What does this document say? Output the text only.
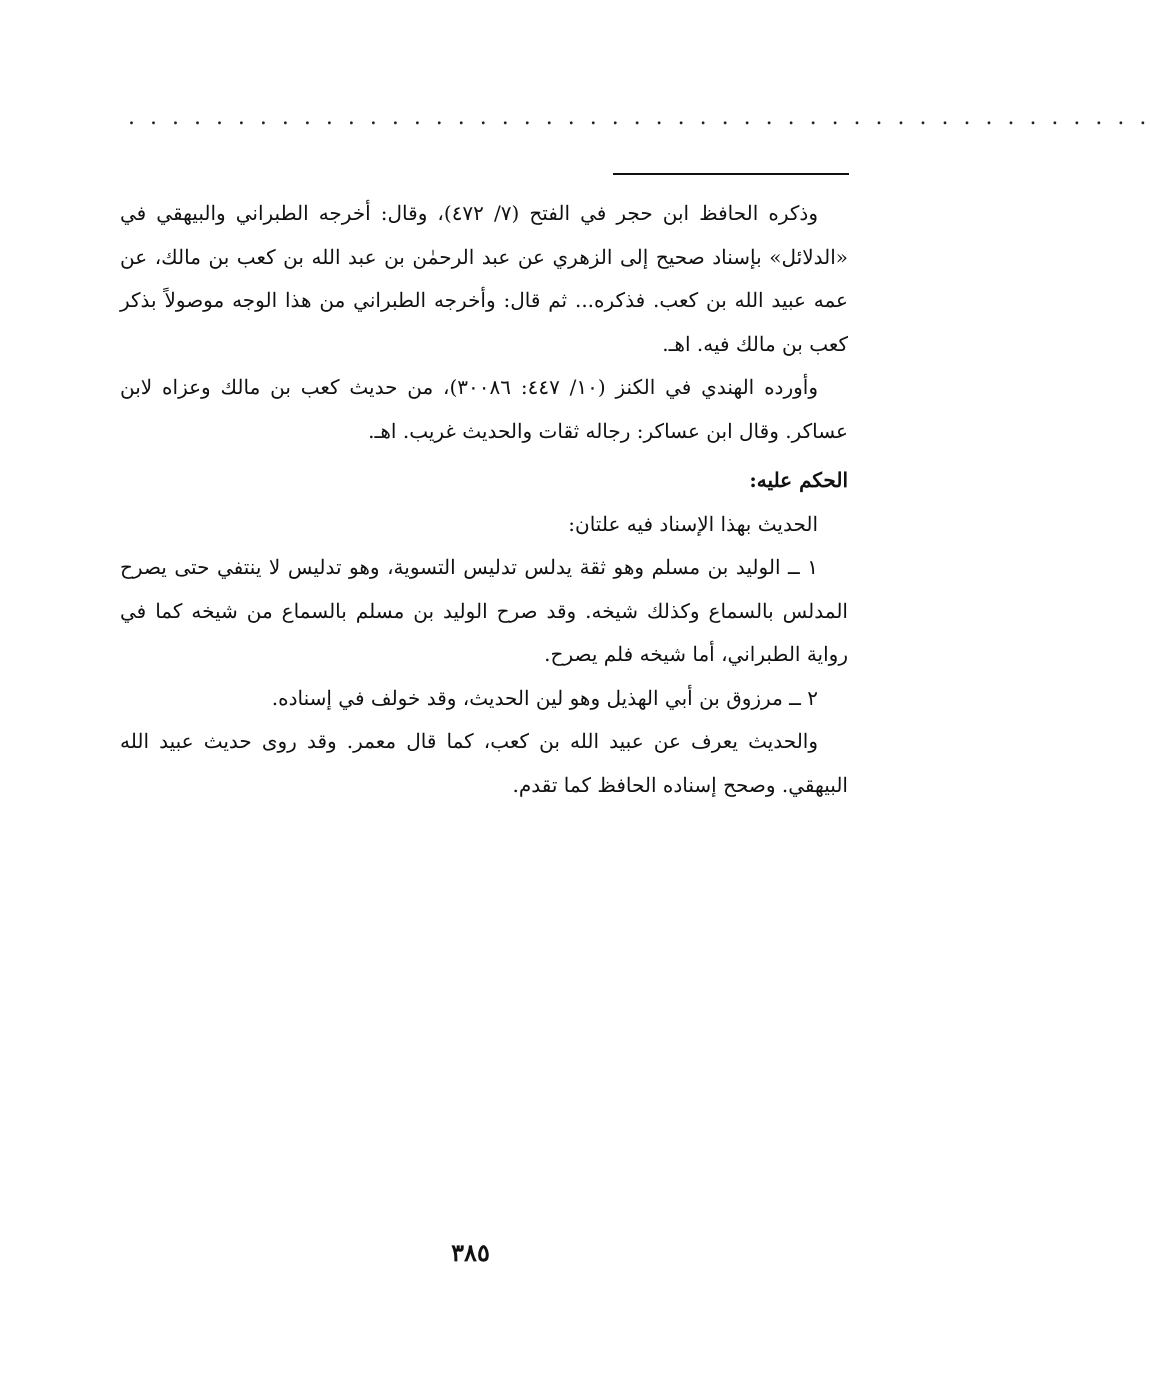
. . . . . . . . . . . . . . . . . . . . . . . . . . . . . . . . . . . . . . . . . . . . . . .

وذكره الحافظ ابن حجر في الفتح (٧/ ٤٧٢)، وقال: أخرجه الطبراني والبيهقي في «الدلائل» بإسناد صحيح إلى الزهري عن عبد الرحمٰن بن عبد الله بن كعب بن مالك، عن عمه عبيد الله بن كعب. فذكره... ثم قال: وأخرجه الطبراني من هذا الوجه موصولاً بذكر كعب بن مالك فيه. اهـ.

وأورده الهندي في الكنز (١٠/ ٤٤٧: ٣٠٠٨٦)، من حديث كعب بن مالك وعزاه لابن عساكر. وقال ابن عساكر: رجاله ثقات والحديث غريب. اهـ.

الحكم عليه:

الحديث بهذا الإسناد فيه علتان:

١ ــ الوليد بن مسلم وهو ثقة يدلس تدليس التسوية، وهو تدليس لا ينتفي حتى يصرح المدلس بالسماع وكذلك شيخه. وقد صرح الوليد بن مسلم بالسماع من شيخه كما في رواية الطبراني، أما شيخه فلم يصرح.

٢ ــ مرزوق بن أبي الهذيل وهو لين الحديث، وقد خولف في إسناده.

والحديث يعرف عن عبيد الله بن كعب، كما قال معمر. وقد روى حديث عبيد الله البيهقي. وصحح إسناده الحافظ كما تقدم.

٣٨٥
